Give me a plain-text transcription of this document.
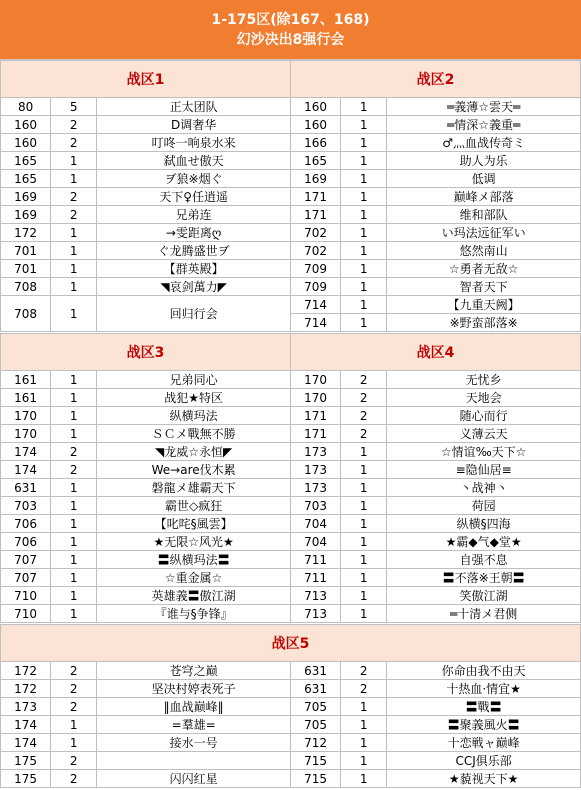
1-175区(除167、168)
幻沙决出8强行会
战区1			战区2		
80	5	正太团队	160	1	═義薄☆雲天═
160	2	D调奢华	160	1	═情深☆義重═
160	2	叮咚一响泉水来	166	1	♂灬血战传奇ミ
165	1	弑血せ傲天	165	1	助人为乐
165	1	ヺ狼※烟ぐ	169	1	低调
169	2	天下♀任逍遥	171	1	巅峰メ部落
169	2	兄弟连	171	1	维和部队
172	1	→雯距离ღ	702	1	い玛法远征军い
701	1	ぐ龙腾盛世ヺ	702	1	悠然南山
701	1	【群英殿】	709	1	☆勇者无敌☆
708	1	◥哀剑萬力◤	709	1	智者天下
708	1	回归行会	714	1	【九重天阙】
			714	1	※野蛮部落※
战区3			战区4		
161	1	兄弟同心	170	2	无忧乡
161	1	战犯★特区	170	2	天地会
170	1	纵横玛法	171	2	随心而行
170	1	ＳＣメ戰無不勝	171	2	义薄云天
174	2	◥龙威☆永恒◤	173	1	☆情谊‰天下☆
174	2	We→are伐木累	173	1	≡隐仙居≡
631	1	磐龍メ雄霸天下	173	1	丶战神丶
703	1	霸世◇疯狂	703	1	荷园
706	1	【叱咤§風雲】	704	1	纵横§四海
706	1	★无限☆风光★	704	1	★霸◆气◆堂★
707	1	〓纵横玛法〓	711	1	自强不息
707	1	☆重金属☆	711	1	〓不落※王朝〓
710	1	英雄義〓傲江湖	713	1	笑傲江湖
710	1	『谁与§争锋』	713	1	═十清メ君侧
战区5					
172	2	苍穹之巅	631	2	你命由我不由天
172	2	坚决村婷表死子	631	2	十热血·情宜★
173	2	‖血战巅峰‖	705	1	〓戰〓
174	1	=羣雄=	705	1	〓聚義風火〓
174	1	接水一号	712	1	十恋戦ャ巅峰
175	2		715	1	CCJ俱乐部
175	2	闪闪红星	715	1	★藐视天下★
